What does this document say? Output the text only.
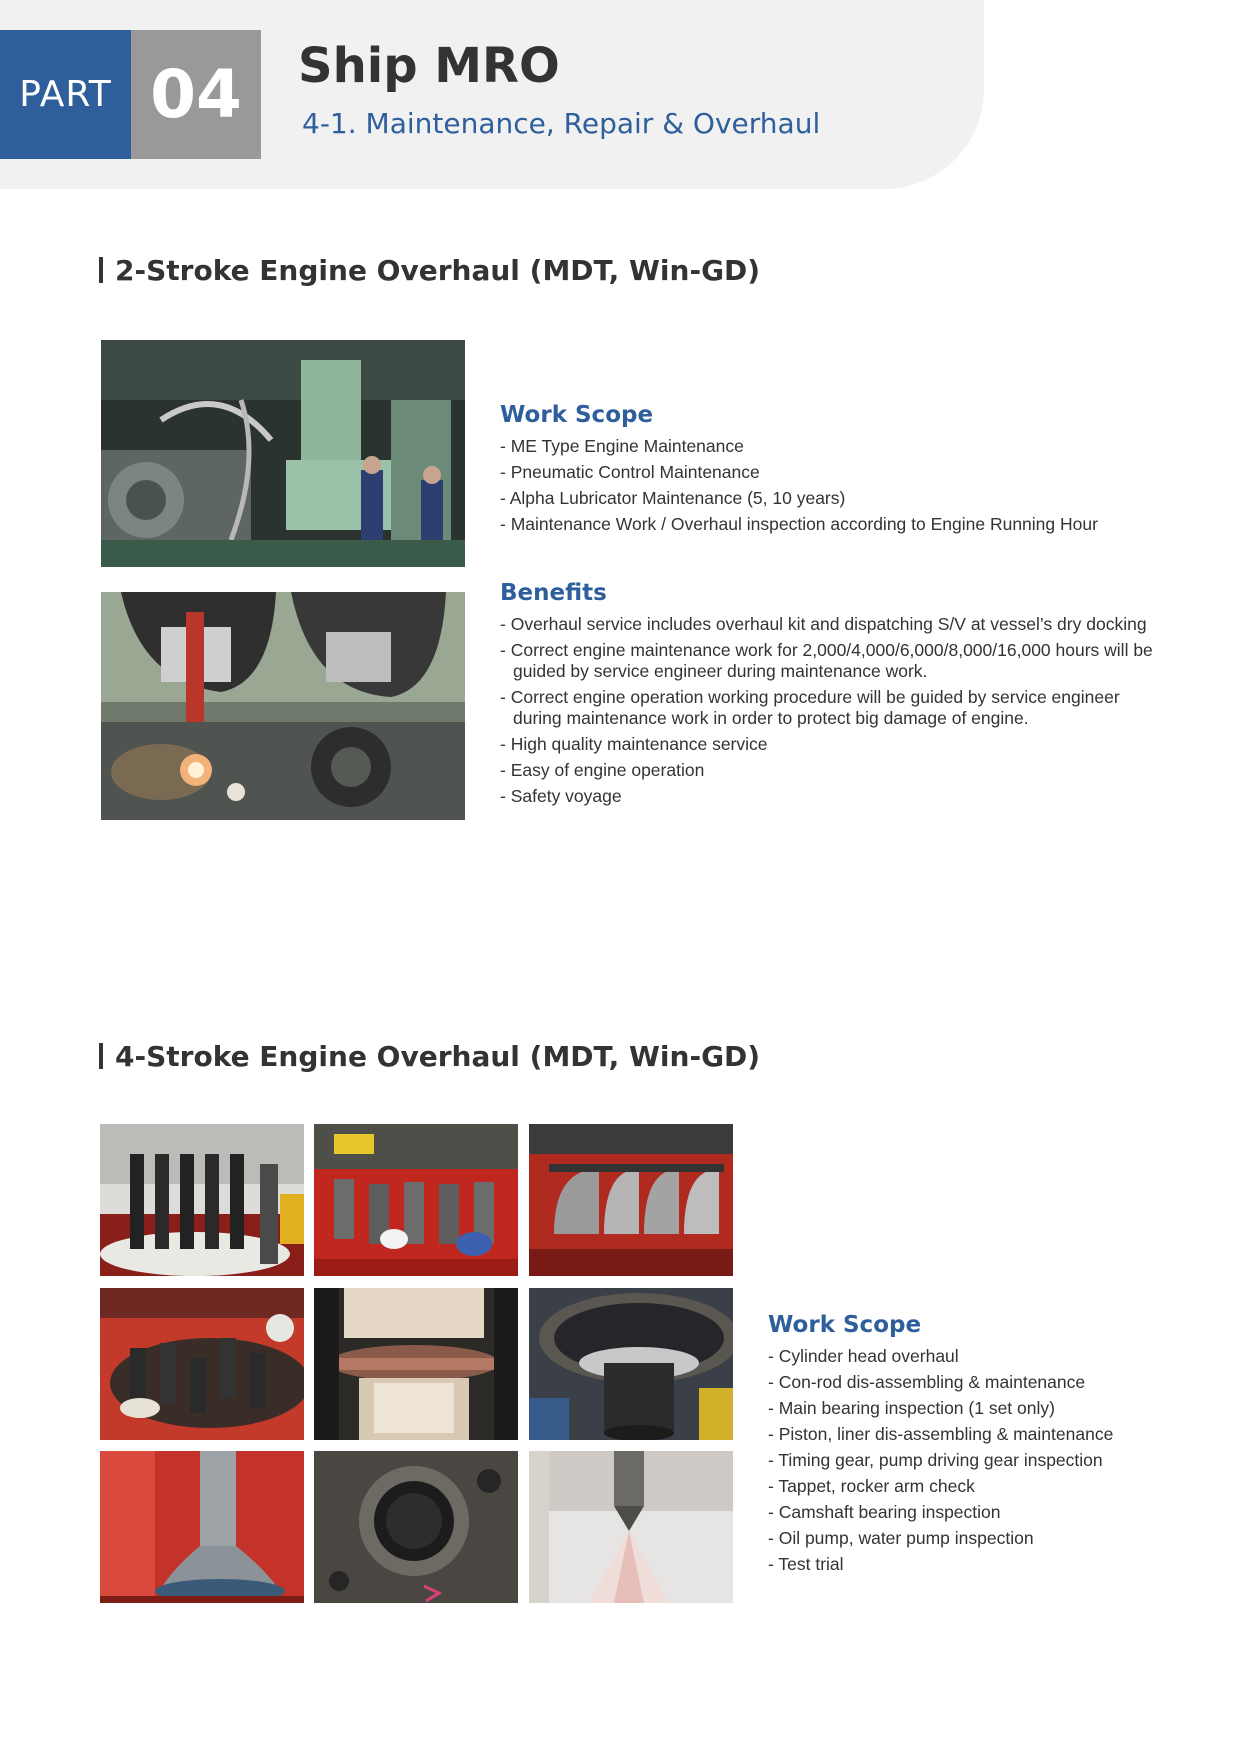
PART 04 Ship MRO
4-1. Maintenance, Repair & Overhaul
2-Stroke Engine Overhaul (MDT, Win-GD)
Work Scope
- ME Type Engine Maintenance
- Pneumatic Control Maintenance
- Alpha Lubricator Maintenance (5, 10 years)
- Maintenance Work / Overhaul inspection according to Engine Running Hour
Benefits
- Overhaul service includes overhaul kit and dispatching S/V at vessel’s dry docking
- Correct engine maintenance work for 2,000/4,000/6,000/8,000/16,000 hours will be guided by service engineer during maintenance work.
- Correct engine operation working procedure will be guided by service engineer during maintenance work in order to protect big damage of engine.
- High quality maintenance service
- Easy of engine operation
- Safety voyage
4-Stroke Engine Overhaul (MDT, Win-GD)
Work Scope
- Cylinder head overhaul
- Con-rod dis-assembling & maintenance
- Main bearing inspection (1 set only)
- Piston, liner dis-assembling & maintenance
- Timing gear, pump driving gear inspection
- Tappet, rocker arm check
- Camshaft bearing inspection
- Oil pump, water pump inspection
- Test trial
